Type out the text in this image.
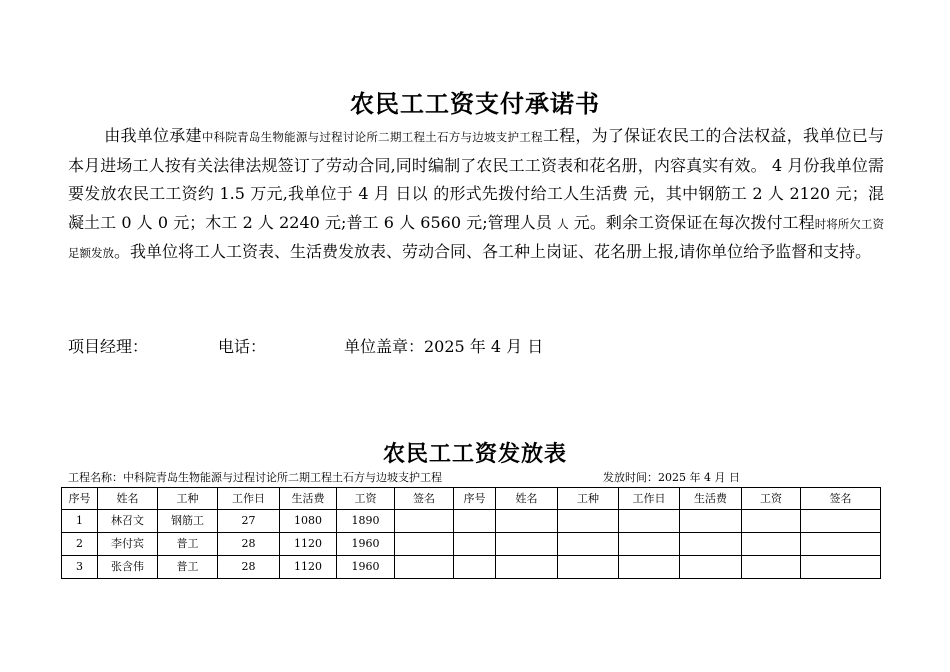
农民工工资支付承诺书
由我单位承建中科院青岛生物能源与过程讨论所二期工程土石方与边坡支护工程工程，为了保证农民工的合法权益，我单位已与本月进场工人按有关法律法规签订了劳动合同,同时编制了农民工工资表和花名册，内容真实有效。 4 月份我单位需要发放农民工工资约 1.5 万元,我单位于 4 月 日以 的形式先拨付给工人生活费 元，其中钢筋工 2 人 2120 元；混凝土工 0 人 0 元；木工 2 人 2240 元;普工 6 人 6560 元;管理人员 人 元。剩余工资保证在每次拨付工程时将所欠工资足额发放。我单位将工人工资表、生活费发放表、劳动合同、各工种上岗证、花名册上报,请你单位给予监督和支持。
项目经理：	电话：	单位盖章：2025 年 4 月 日
农民工工资发放表
工程名称：中科院青岛生物能源与过程讨论所二期工程土石方与边坡支护工程	发放时间：2025 年 4 月 日
序号	姓名	工种	工作日	生活费	工资	签名	序号	姓名	工种	工作日	生活费	工资	签名
1	林召文	钢筋工	27	1080	1890								
2	李付宾	普工	28	1120	1960								
3	张含伟	普工	28	1120	1960								
